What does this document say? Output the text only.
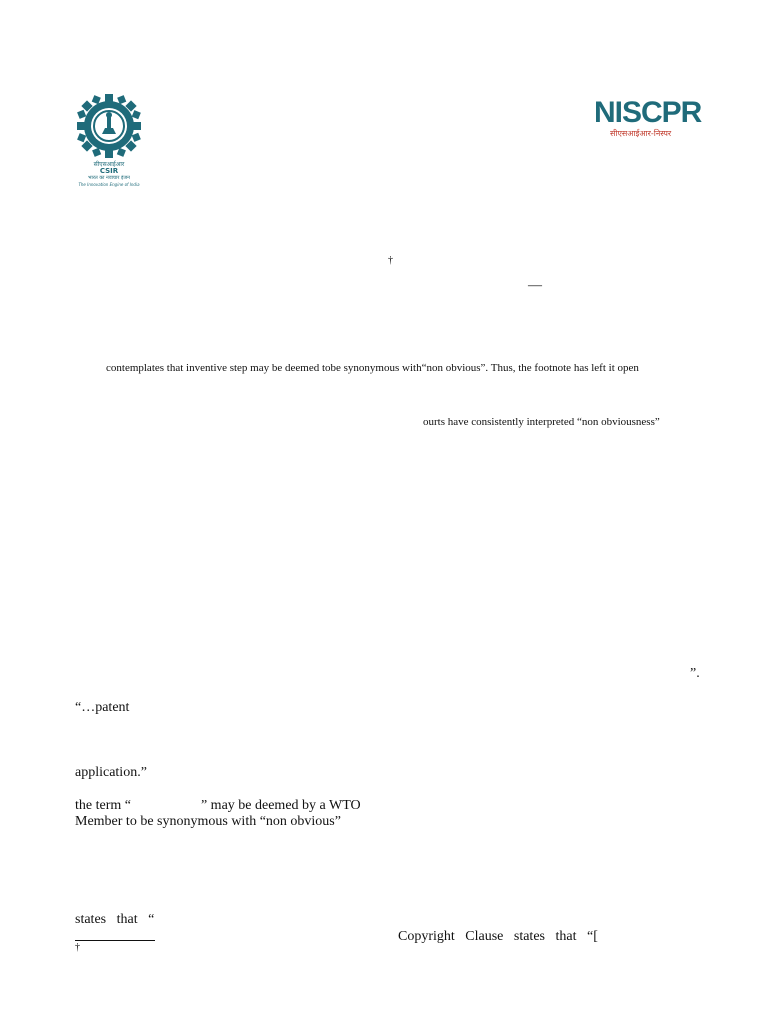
सीएसआईआर
CSIR
भारत का नवाचार इंजन
The Innovation Engine of India
NISCPR
सीएसआईआर-निस्पर
†
—
contemplates that inventive step may be deemed tobe synonymous with“non obvious”. Thus, the footnote has left it open
ourts have consistently interpreted “non obviousness”
”.
“…patent
application.”
the term “                    ” may be deemed by a WTO
Member to be synonymous with “non obvious”
states   that   “
Copyright   Clause   states   that   “[
†
